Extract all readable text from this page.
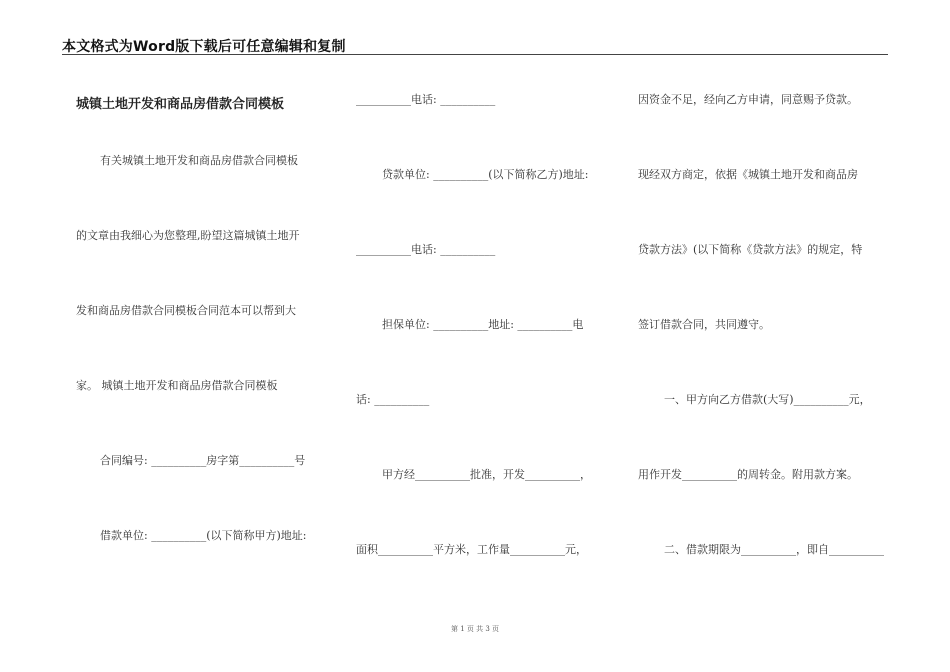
本文格式为Word版下载后可任意编辑和复制
城镇土地开发和商品房借款合同模板
有关城镇土地开发和商品房借款合同模板
的文章由我细心为您整理,盼望这篇城镇土地开
发和商品房借款合同模板合同范本可以帮到大
家。 城镇土地开发和商品房借款合同模板
合同编号: __________房字第__________号
借款单位: __________(以下简称甲方)地址:
__________电话: __________
贷款单位: __________(以下简称乙方)地址:
__________电话: __________
担保单位: __________地址: __________电
话: __________
甲方经__________批准，开发__________，
面积__________平方米，工作量__________元，
因资金不足，经向乙方申请，同意赐予贷款。
现经双方商定，依据《城镇土地开发和商品房
贷款方法》(以下简称《贷款方法》的规定，特
签订借款合同，共同遵守。
一、甲方向乙方借款(大写)__________元，
用作开发__________的周转金。附用款方案。
二、借款期限为__________，即自__________
第 1 页 共 3 页
